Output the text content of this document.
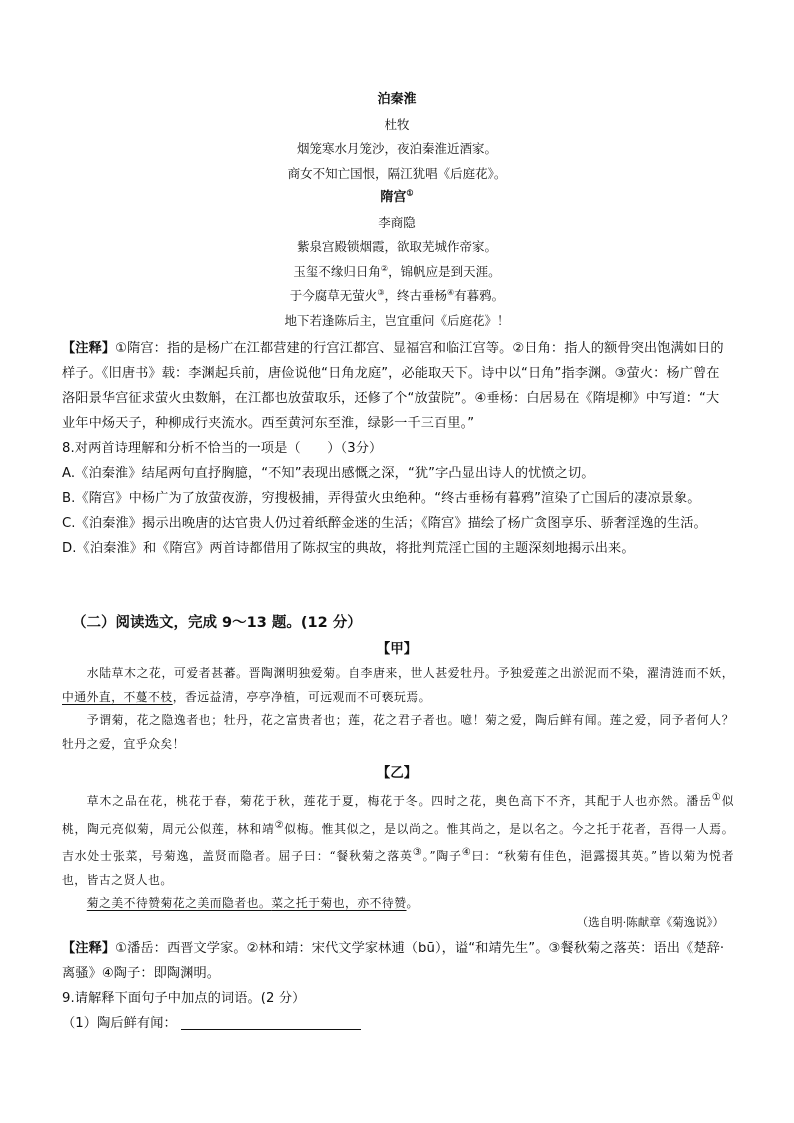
泊秦淮
杜牧
烟笼寒水月笼沙，夜泊秦淮近酒家。
商女不知亡国恨，隔江犹唱《后庭花》。
隋宫①
李商隐
紫泉宫殿锁烟霞，欲取芜城作帝家。
玉玺不缘归日角②，锦帆应是到天涯。
于今腐草无萤火③，终古垂杨④有暮鸦。
地下若逢陈后主，岂宜重问《后庭花》！

【注释】①隋宫：指的是杨广在江都营建的行宫江都宫、显福宫和临江宫等。②日角：指人的额骨突出饱满如日的样子。《旧唐书》载：李渊起兵前，唐俭说他“日角龙庭”，必能取天下。诗中以“日角”指李渊。③萤火：杨广曾在洛阳景华宫征求萤火虫数斛，在江都也放萤取乐，还修了个“放萤院”。④垂杨：白居易在《隋堤柳》中写道：“大业年中炀天子，种柳成行夹流水。西至黄河东至淮，绿影一千三百里。”

8.对两首诗理解和分析不恰当的一项是（　　）（3分）

A.《泊秦淮》结尾两句直抒胸臆，“不知”表现出感慨之深，“犹”字凸显出诗人的忧愤之切。

B.《隋宫》中杨广为了放萤夜游，穷搜极捕，弄得萤火虫绝种。“终古垂杨有暮鸦”渲染了亡国后的凄凉景象。

C.《泊秦淮》揭示出晚唐的达官贵人仍过着纸醉金迷的生活；《隋宫》描绘了杨广贪图享乐、骄奢淫逸的生活。

D.《泊秦淮》和《隋宫》两首诗都借用了陈叔宝的典故，将批判荒淫亡国的主题深刻地揭示出来。

（二）阅读选文，完成 9～13 题。(12 分）
【甲】

水陆草木之花，可爱者甚蕃。晋陶渊明独爱菊。自李唐来，世人甚爱牡丹。予独爱莲之出淤泥而不染，濯清涟而不妖，中通外直，不蔓不枝，香远益清，亭亭净植，可远观而不可亵玩焉。

予谓菊，花之隐逸者也；牡丹，花之富贵者也；莲，花之君子者也。噫！菊之爱，陶后鲜有闻。莲之爱，同予者何人？牡丹之爱，宜乎众矣！

【乙】

草木之品在花，桃花于春，菊花于秋，莲花于夏，梅花于冬。四时之花，奥色高下不齐，其配于人也亦然。潘岳①似桃，陶元亮似菊，周元公似莲，林和靖②似梅。惟其似之，是以尚之。惟其尚之，是以名之。今之托于花者，吾得一人焉。吉水处士张菜，号菊逸，盖贤而隐者。屈子曰：“餐秋菊之落英③。”陶子④曰：“秋菊有佳色，浥露掇其英。”皆以菊为悦者也，皆古之贤人也。

菊之美不待赞菊花之美而隐者也。菜之托于菊也，亦不待赞。

（选自明·陈献章《菊逸说》）

【注释】①潘岳：西晋文学家。②林和靖：宋代文学家林逋（bū），谥“和靖先生”。③餐秋菊之落英：语出《楚辞·离骚》④陶子：即陶渊明。

9.请解释下面句子中加点的词语。(2 分）

（1）陶后鲜有闻：
